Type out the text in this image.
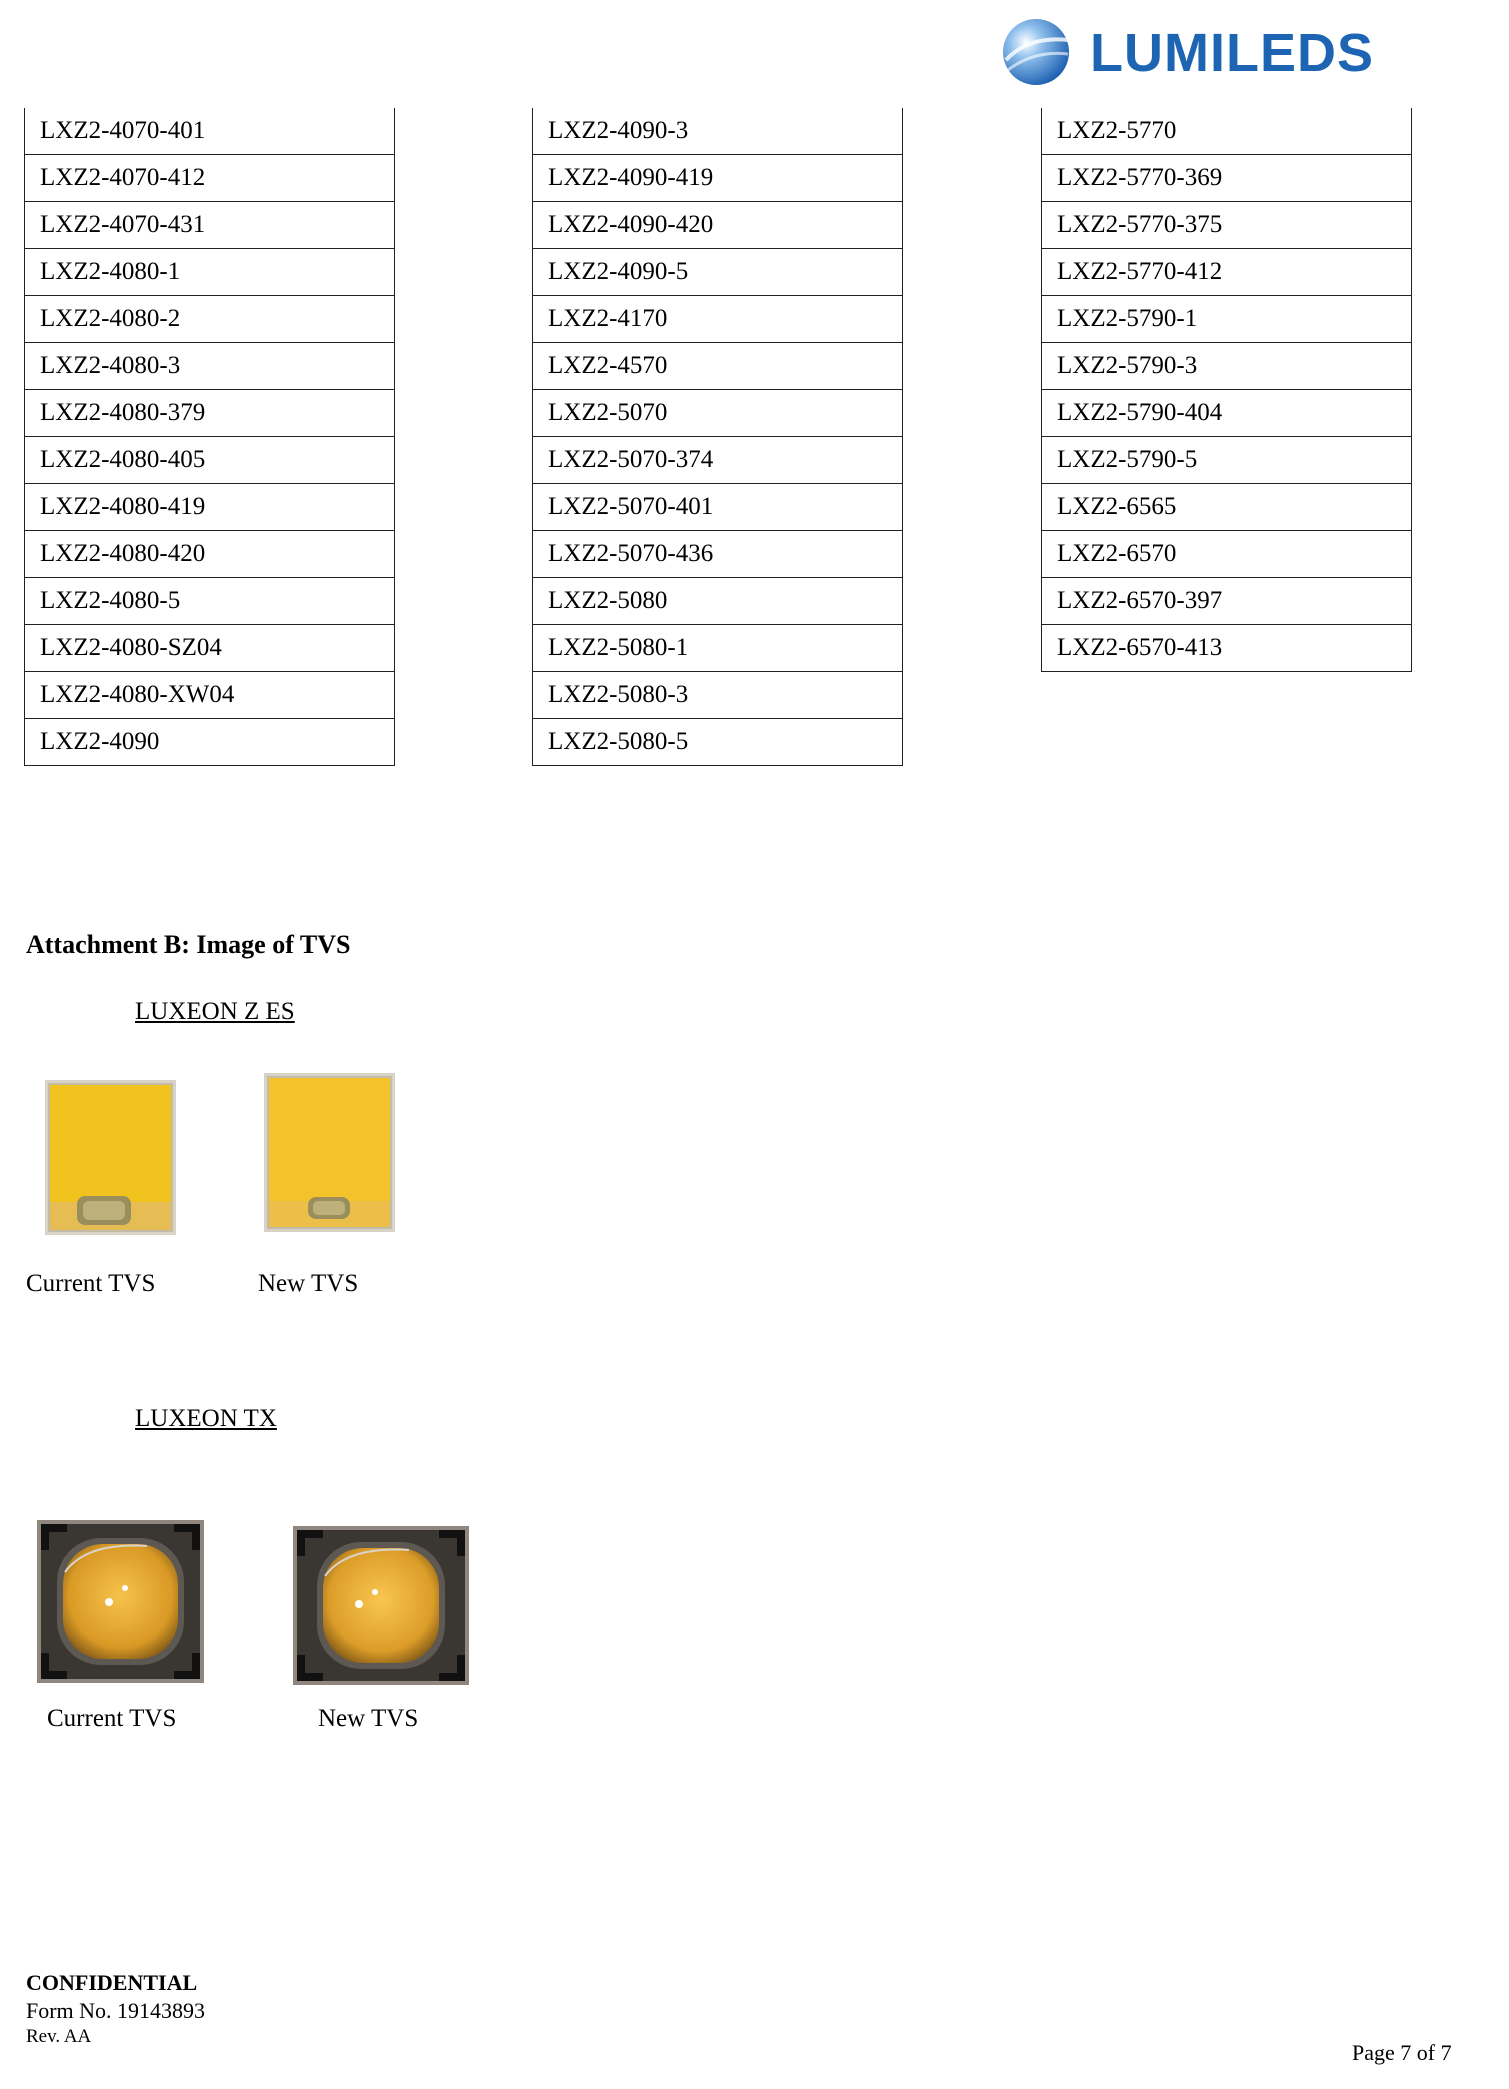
LUMILEDS
LXZ2-4070-401
LXZ2-4070-412
LXZ2-4070-431
LXZ2-4080-1
LXZ2-4080-2
LXZ2-4080-3
LXZ2-4080-379
LXZ2-4080-405
LXZ2-4080-419
LXZ2-4080-420
LXZ2-4080-5
LXZ2-4080-SZ04
LXZ2-4080-XW04
LXZ2-4090
LXZ2-4090-3
LXZ2-4090-419
LXZ2-4090-420
LXZ2-4090-5
LXZ2-4170
LXZ2-4570
LXZ2-5070
LXZ2-5070-374
LXZ2-5070-401
LXZ2-5070-436
LXZ2-5080
LXZ2-5080-1
LXZ2-5080-3
LXZ2-5080-5
LXZ2-5770
LXZ2-5770-369
LXZ2-5770-375
LXZ2-5770-412
LXZ2-5790-1
LXZ2-5790-3
LXZ2-5790-404
LXZ2-5790-5
LXZ2-6565
LXZ2-6570
LXZ2-6570-397
LXZ2-6570-413
Attachment B: Image of TVS
LUXEON Z ES
Current TVS	New TVS
LUXEON TX
Current TVS	New TVS
CONFIDENTIAL
Form No. 19143893
Rev. AA
Page 7 of 7
